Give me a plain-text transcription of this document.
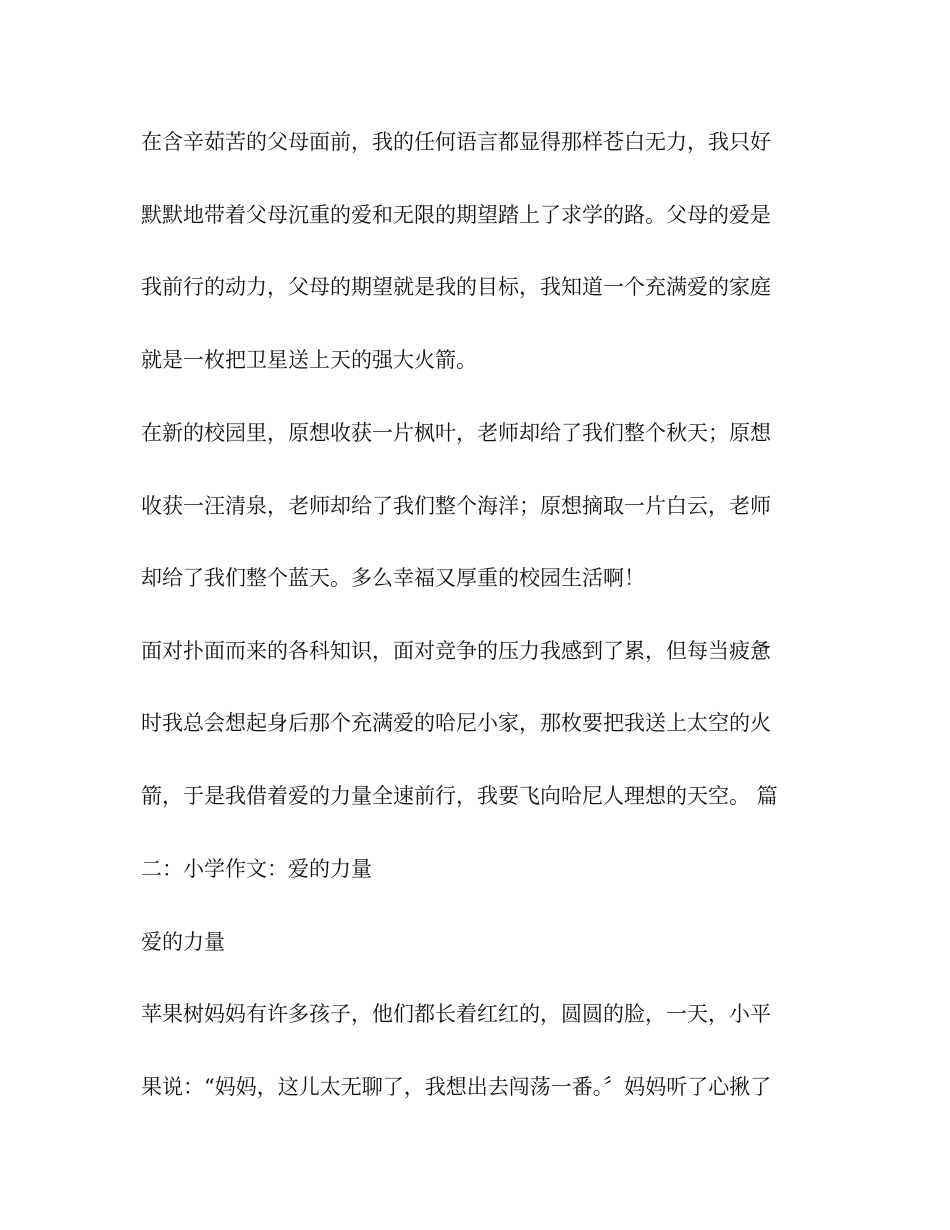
在含辛茹苦的父母面前，我的任何语言都显得那样苍白无力，我只好
默默地带着父母沉重的爱和无限的期望踏上了求学的路。父母的爱是
我前行的动力，父母的期望就是我的目标，我知道一个充满爱的家庭
就是一枚把卫星送上天的强大火箭。
在新的校园里，原想收获一片枫叶，老师却给了我们整个秋天；原想
收获一汪清泉，老师却给了我们整个海洋；原想摘取一片白云，老师
却给了我们整个蓝天。多么幸福又厚重的校园生活啊！
面对扑面而来的各科知识，面对竞争的压力我感到了累，但每当疲惫
时我总会想起身后那个充满爱的哈尼小家，那枚要把我送上太空的火
箭，于是我借着爱的力量全速前行，我要飞向哈尼人理想的天空。 篇
二：小学作文：爱的力量
爱的力量
苹果树妈妈有许多孩子，他们都长着红红的，圆圆的脸，一天，小平
果说：“妈妈，这儿太无聊了，我想出去闯荡一番。〞妈妈听了心揪了
